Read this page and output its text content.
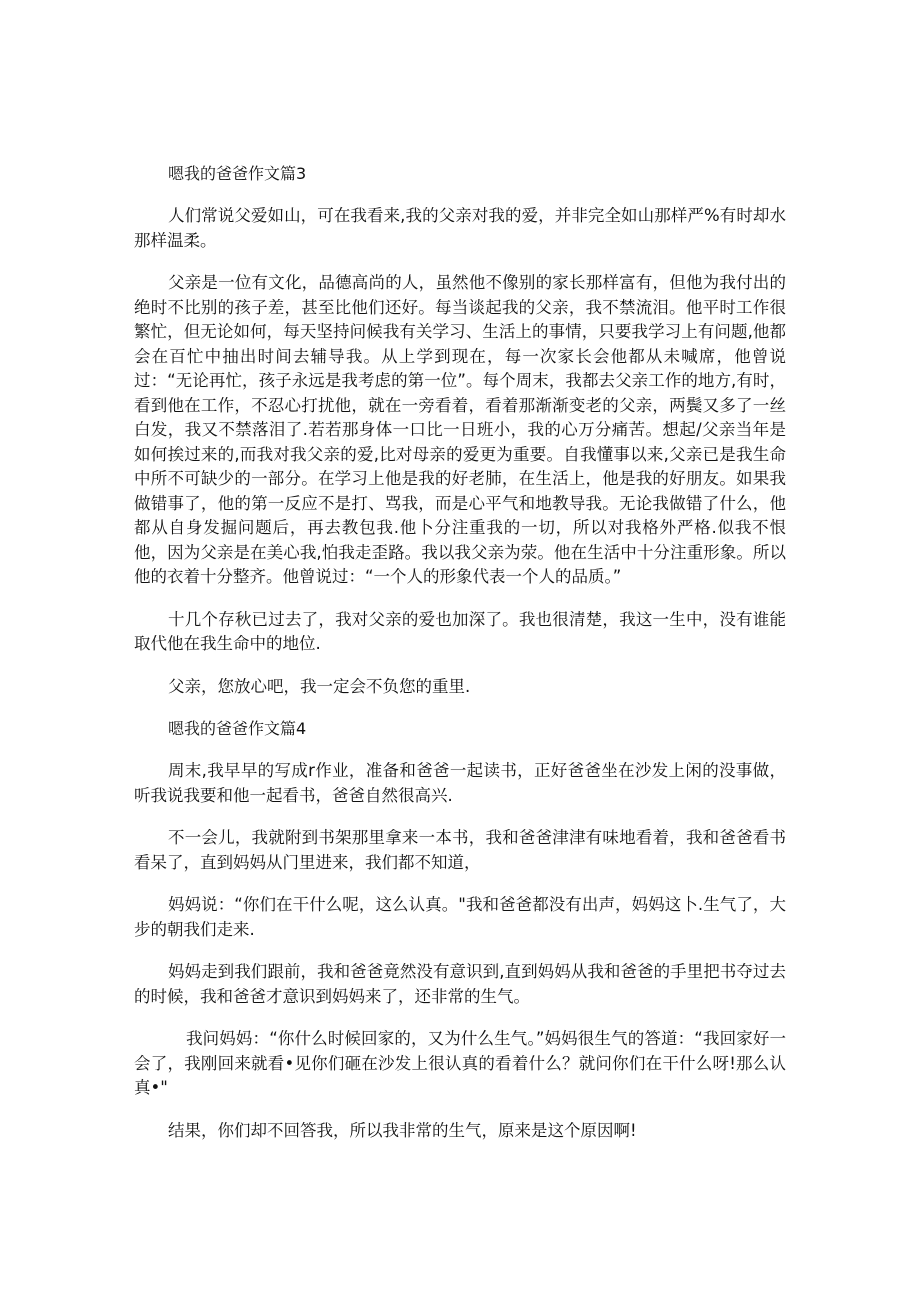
嗯我的爸爸作文篇3

人们常说父爱如山，可在我看来,我的父亲对我的爱，并非完全如山那样严%有时却水那样温柔。

父亲是一位有文化，品德高尚的人，虽然他不像别的家长那样富有，但他为我付出的绝时不比别的孩子差，甚至比他们还好。每当谈起我的父亲，我不禁流泪。他平时工作很繁忙，但无论如何，每天坚持问候我有关学习、生活上的事情，只要我学习上有问题,他都会在百忙中抽出时间去辅导我。从上学到现在，每一次家长会他都从未喊席，他曾说过：“无论再忙，孩子永远是我考虑的第一位”。每个周末，我都去父亲工作的地方,有时，看到他在工作，不忍心打扰他，就在一旁看着，看着那渐渐变老的父亲，两鬓又多了一丝白发，我又不禁落泪了.若若那身体一口比一日班小，我的心万分痛苦。想起/父亲当年是如何挨过来的,而我对我父亲的爱,比对母亲的爱更为重要。自我懂事以来,父亲已是我生命中所不可缺少的一部分。在学习上他是我的好老肺，在生活上，他是我的好朋友。如果我做错事了，他的第一反应不是打、骂我，而是心平气和地教导我。无论我做错了什么，他都从自身发掘问题后，再去教包我.他卜分注重我的一切，所以对我格外严格.似我不恨他，因为父亲是在美心我,怕我走歪路。我以我父亲为荥。他在生活中十分注重形象。所以他的衣着十分整齐。他曾说过：“一个人的形象代表一个人的品质。”

十几个存秋已过去了，我对父亲的爱也加深了。我也很清楚，我这一生中，没有谁能取代他在我生命中的地位.

父亲，您放心吧，我一定会不负您的重里.

嗯我的爸爸作文篇4

周末,我早早的写成r作业，准备和爸爸一起读书，正好爸爸坐在沙发上闲的没事做，听我说我要和他一起看书，爸爸自然很高兴.

不一会儿，我就附到书架那里拿来一本书，我和爸爸津津有味地看着，我和爸爸看书看呆了，直到妈妈从门里进来，我们都不知道，

妈妈说：“你们在干什么呢，这么认真。"我和爸爸都没有出声，妈妈这卜.生气了，大步的朝我们走来.

妈妈走到我们跟前，我和爸爸竟然没有意识到,直到妈妈从我和爸爸的手里把书夺过去的时候，我和爸爸才意识到妈妈来了，还非常的生气。

我问妈妈：“你什么时候回家的，又为什么生气。”妈妈很生气的答道：“我回家好一会了，我刚回来就看•见你们砸在沙发上很认真的看着什么？就问你们在干什么呀!那么认真•"

结果，你们却不回答我，所以我非常的生气，原来是这个原因啊!
